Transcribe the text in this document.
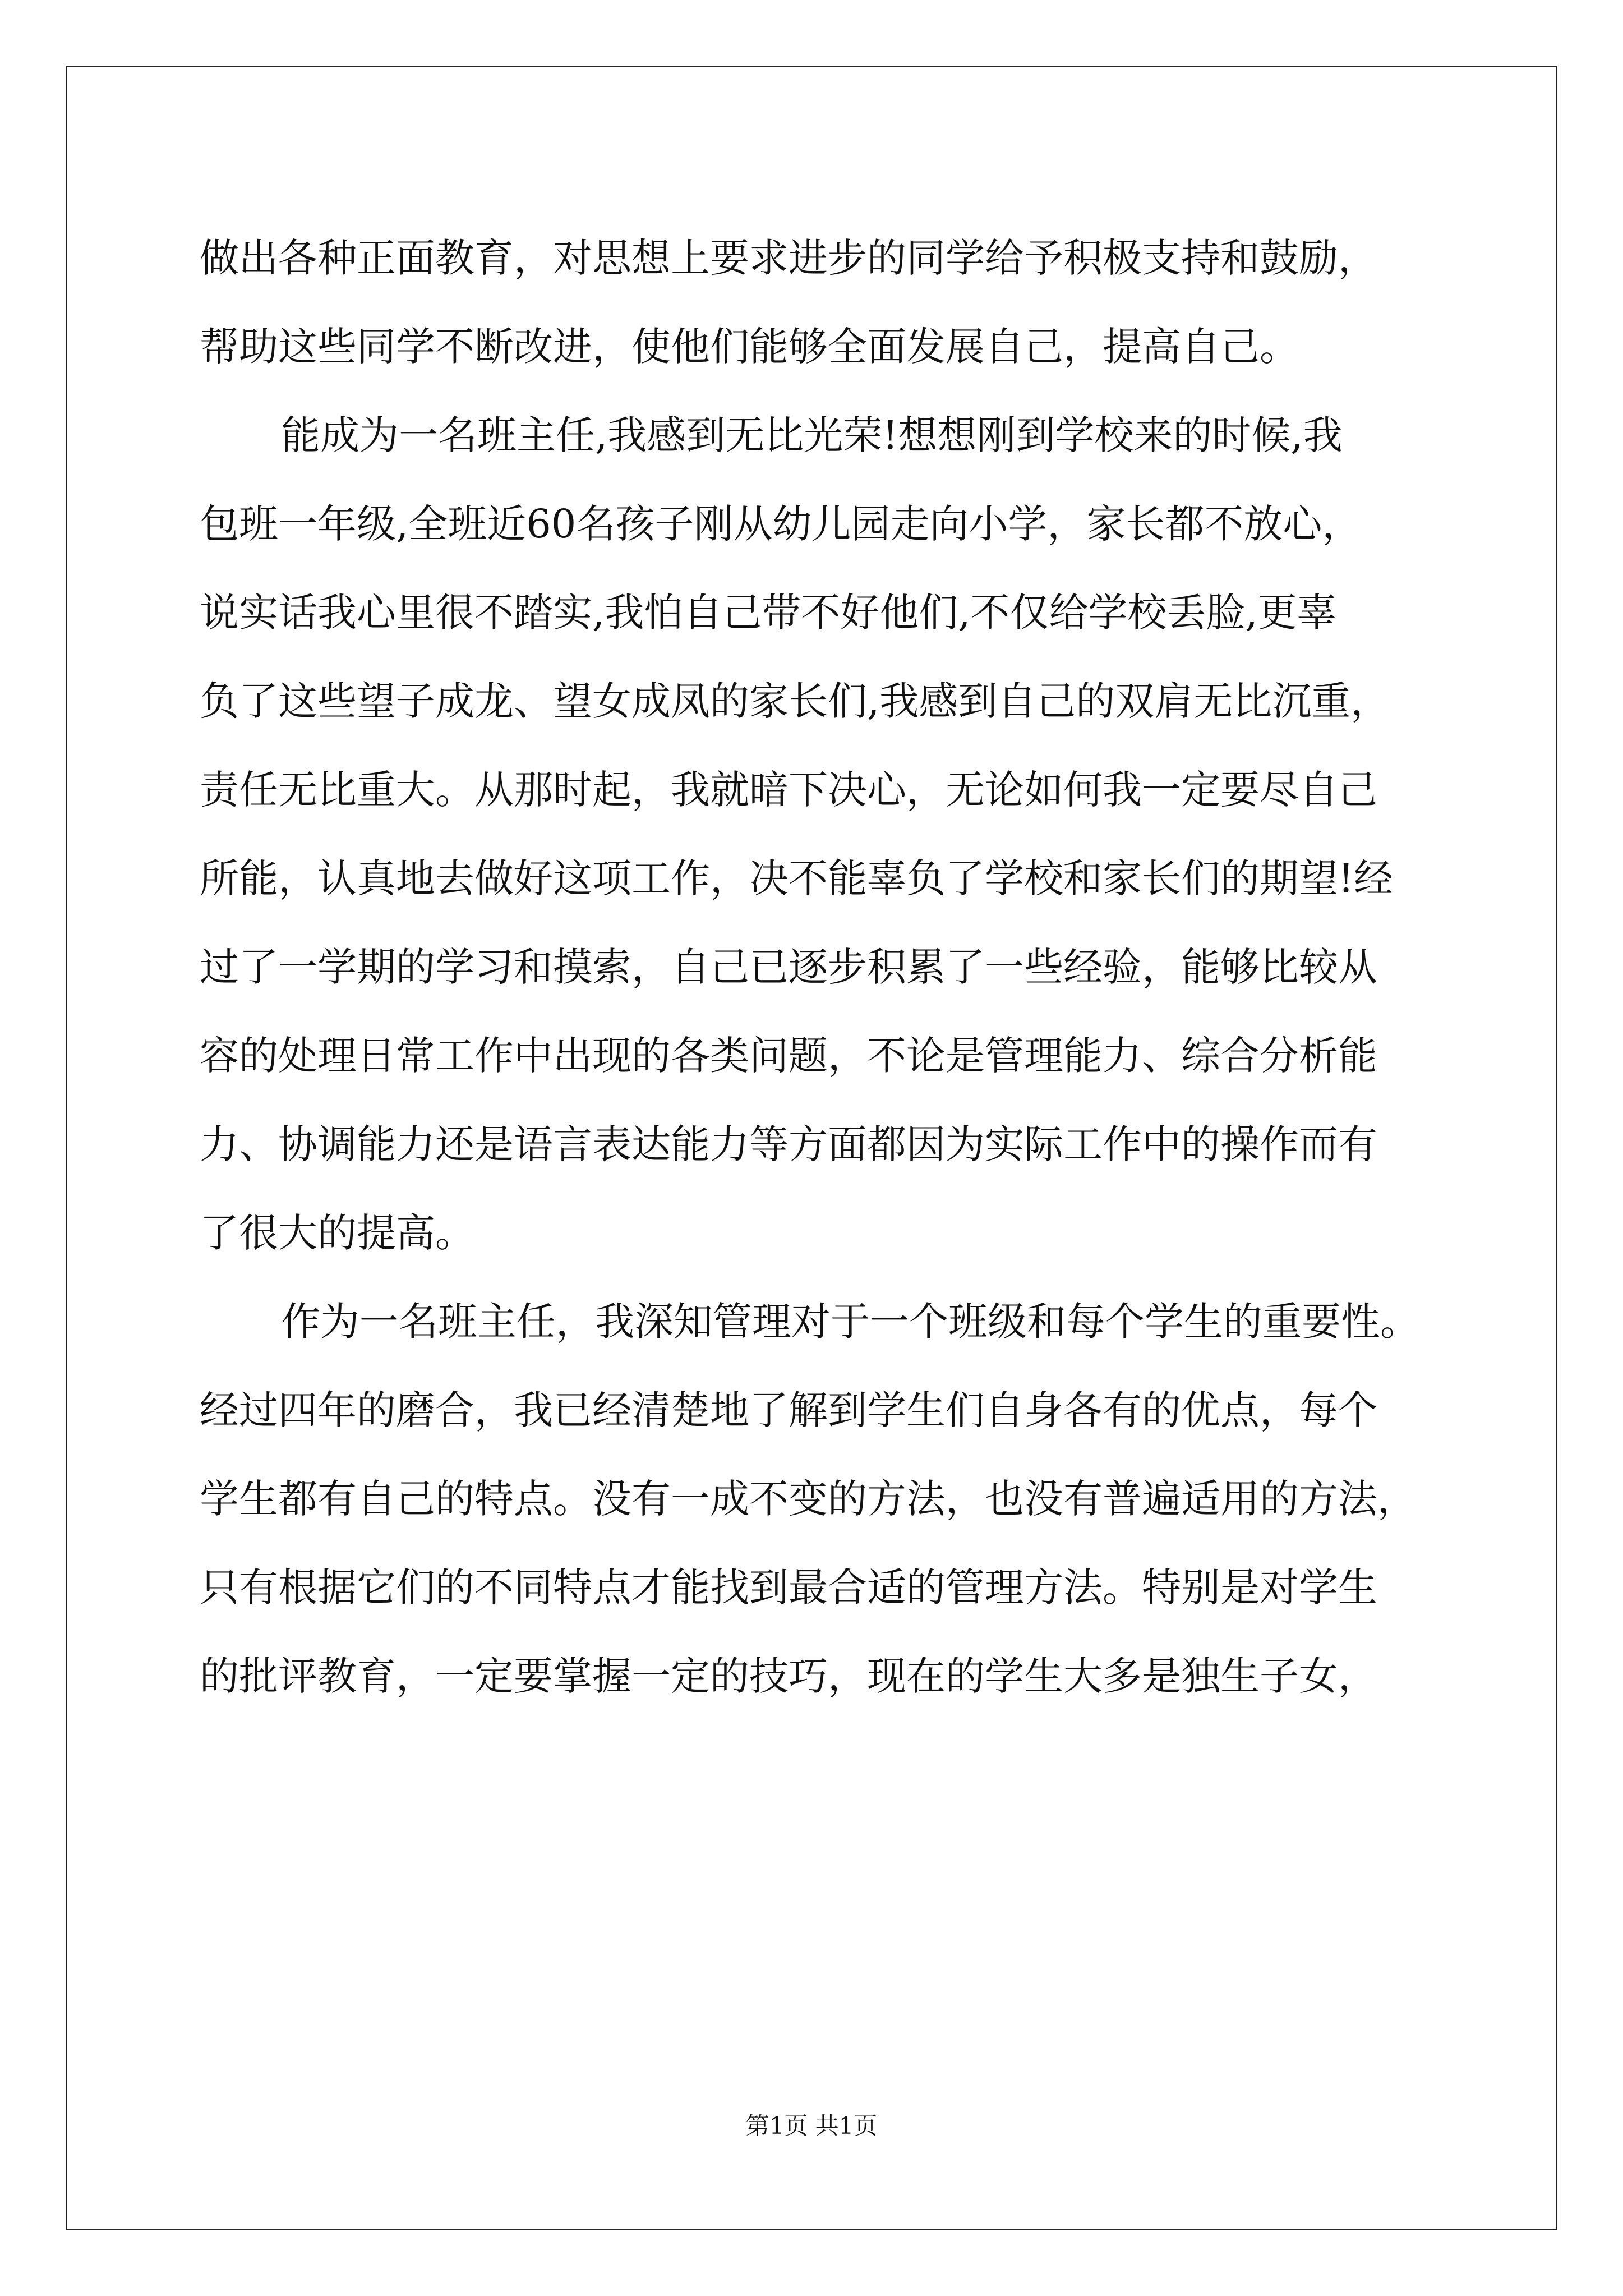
做出各种正面教育，对思想上要求进步的同学给予积极支持和鼓励，
帮助这些同学不断改进，使他们能够全面发展自己，提高自己。
能成为一名班主任,我感到无比光荣!想想刚到学校来的时候,我
包班一年级,全班近60名孩子刚从幼儿园走向小学，家长都不放心，
说实话我心里很不踏实,我怕自己带不好他们,不仅给学校丢脸,更辜
负了这些望子成龙、望女成凤的家长们,我感到自己的双肩无比沉重，
责任无比重大。从那时起，我就暗下决心，无论如何我一定要尽自己
所能，认真地去做好这项工作，决不能辜负了学校和家长们的期望!经
过了一学期的学习和摸索，自己已逐步积累了一些经验，能够比较从
容的处理日常工作中出现的各类问题，不论是管理能力、综合分析能
力、协调能力还是语言表达能力等方面都因为实际工作中的操作而有
了很大的提高。
作为一名班主任，我深知管理对于一个班级和每个学生的重要性。
经过四年的磨合，我已经清楚地了解到学生们自身各有的优点，每个
学生都有自己的特点。没有一成不变的方法，也没有普遍适用的方法，
只有根据它们的不同特点才能找到最合适的管理方法。特别是对学生
的批评教育，一定要掌握一定的技巧，现在的学生大多是独生子女，
第1页 共1页
